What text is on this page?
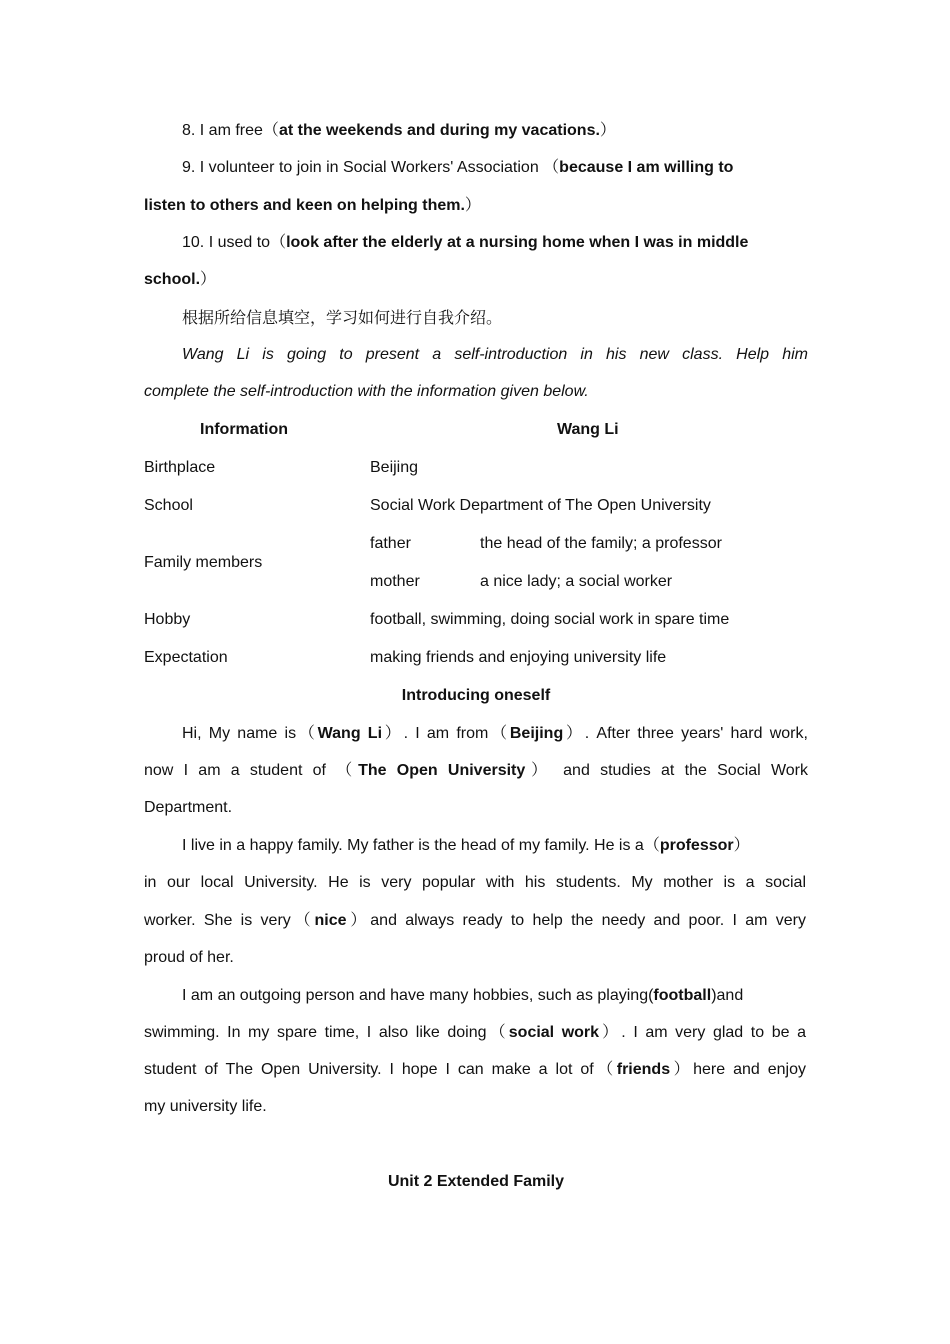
8. I am free（at the weekends and during my vacations.）
9. I volunteer to join in Social Workers' Association （because I am willing to
listen to others and keen on helping them.）
10. I used to（look after the elderly at a nursing home when I was in middle
school.）
根据所给信息填空，学习如何进行自我介绍。
Wang Li is going to present a self-introduction in his new class. Help him
complete the self-introduction with the information given below.
Information	Wang Li
Birthplace	Beijing
School	Social Work Department of The Open University
Family members
father	the head of the family; a professor
mother	a nice lady; a social worker
Hobby	football, swimming, doing social work in spare time
Expectation	making friends and enjoying university life
Introducing oneself
Hi, My name is（Wang Li）. I am from（Beijing）. After three years' hard work,
now I am a student of （The Open University） and studies at the Social Work
Department.
I live in a happy family. My father is the head of my family. He is a（professor）
in our local University. He is very popular with his students. My mother is a social
worker. She is very（nice）and always ready to help the needy and poor. I am very
proud of her.
I am an outgoing person and have many hobbies, such as playing(football)and
swimming. In my spare time, I also like doing（social work）. I am very glad to be a
student of The Open University. I hope I can make a lot of（friends）here and enjoy
my university life.
Unit 2 Extended Family
